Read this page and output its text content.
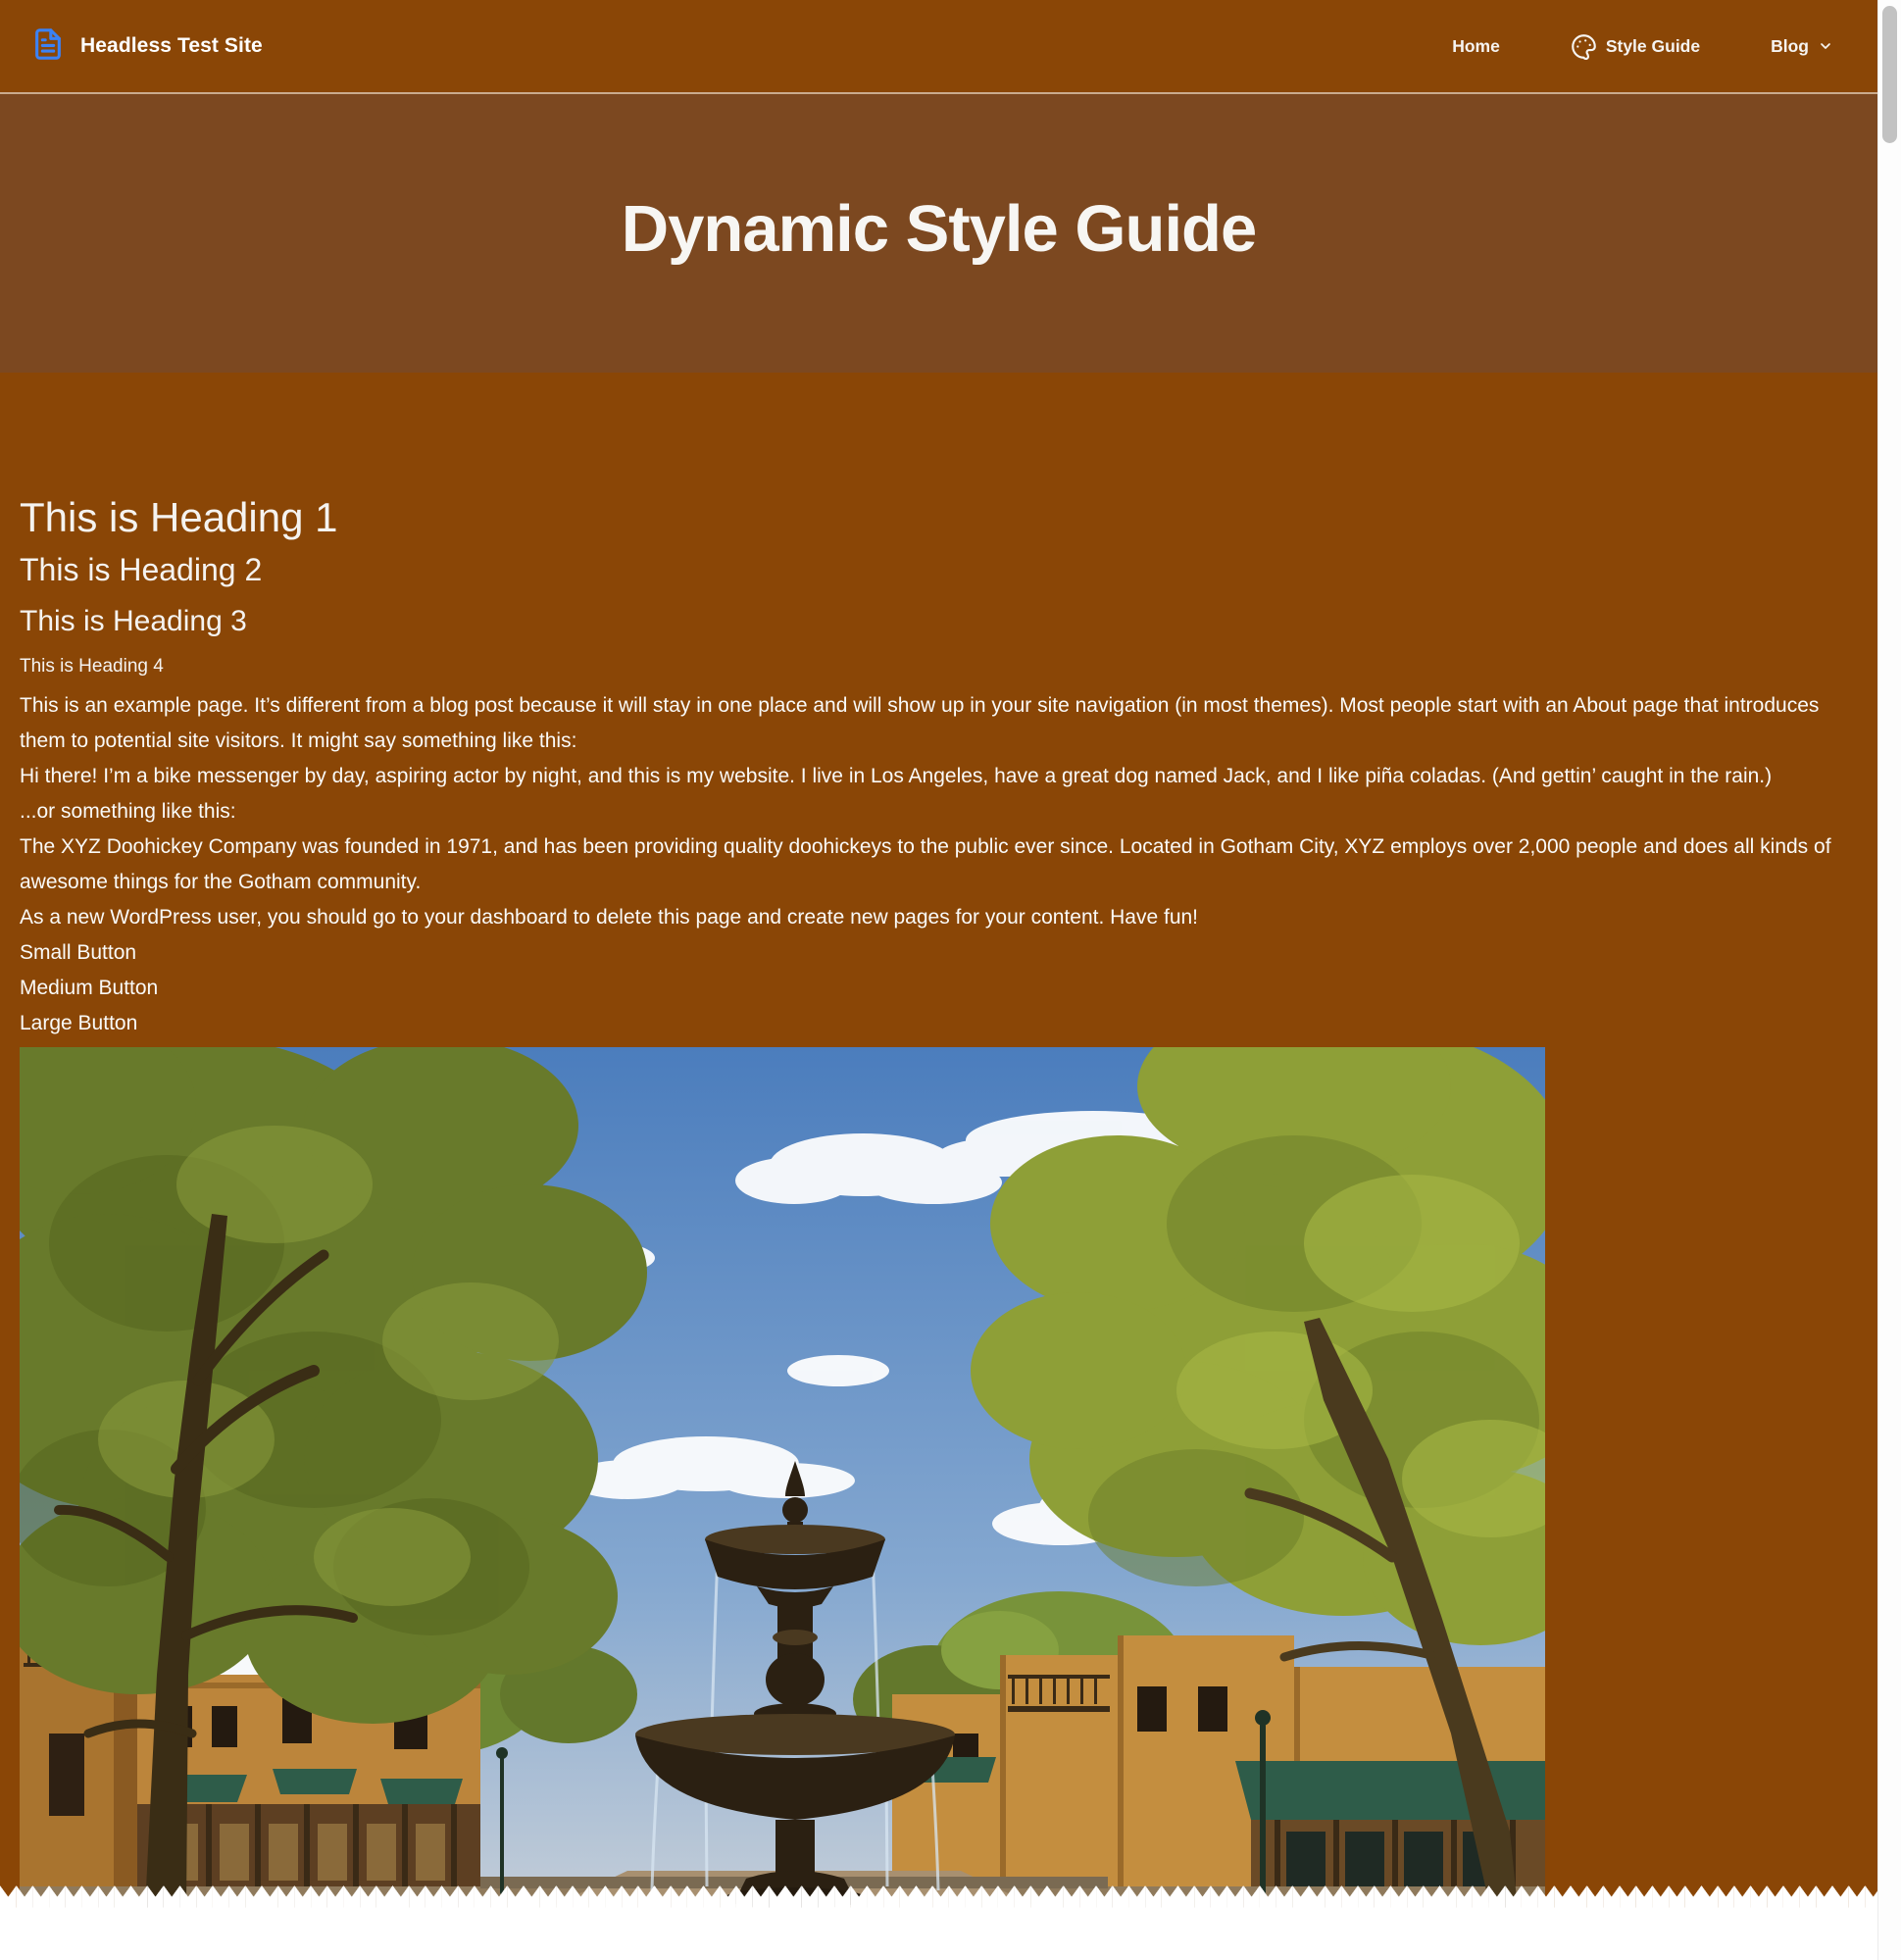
Headless Test Site	Home	Style Guide	Blog
Dynamic Style Guide
This is Heading 1
This is Heading 2
This is Heading 3
This is Heading 4

This is an example page. It’s different from a blog post because it will stay in one place and will show up in your site navigation (in most themes). Most people start with an About page that introduces them to potential site visitors. It might say something like this:

Hi there! I’m a bike messenger by day, aspiring actor by night, and this is my website. I live in Los Angeles, have a great dog named Jack, and I like piña coladas. (And gettin’ caught in the rain.)

...or something like this:

The XYZ Doohickey Company was founded in 1971, and has been providing quality doohickeys to the public ever since. Located in Gotham City, XYZ employs over 2,000 people and does all kinds of awesome things for the Gotham community.

As a new WordPress user, you should go to your dashboard to delete this page and create new pages for your content. Have fun!

Small Button
Medium Button
Large Button
